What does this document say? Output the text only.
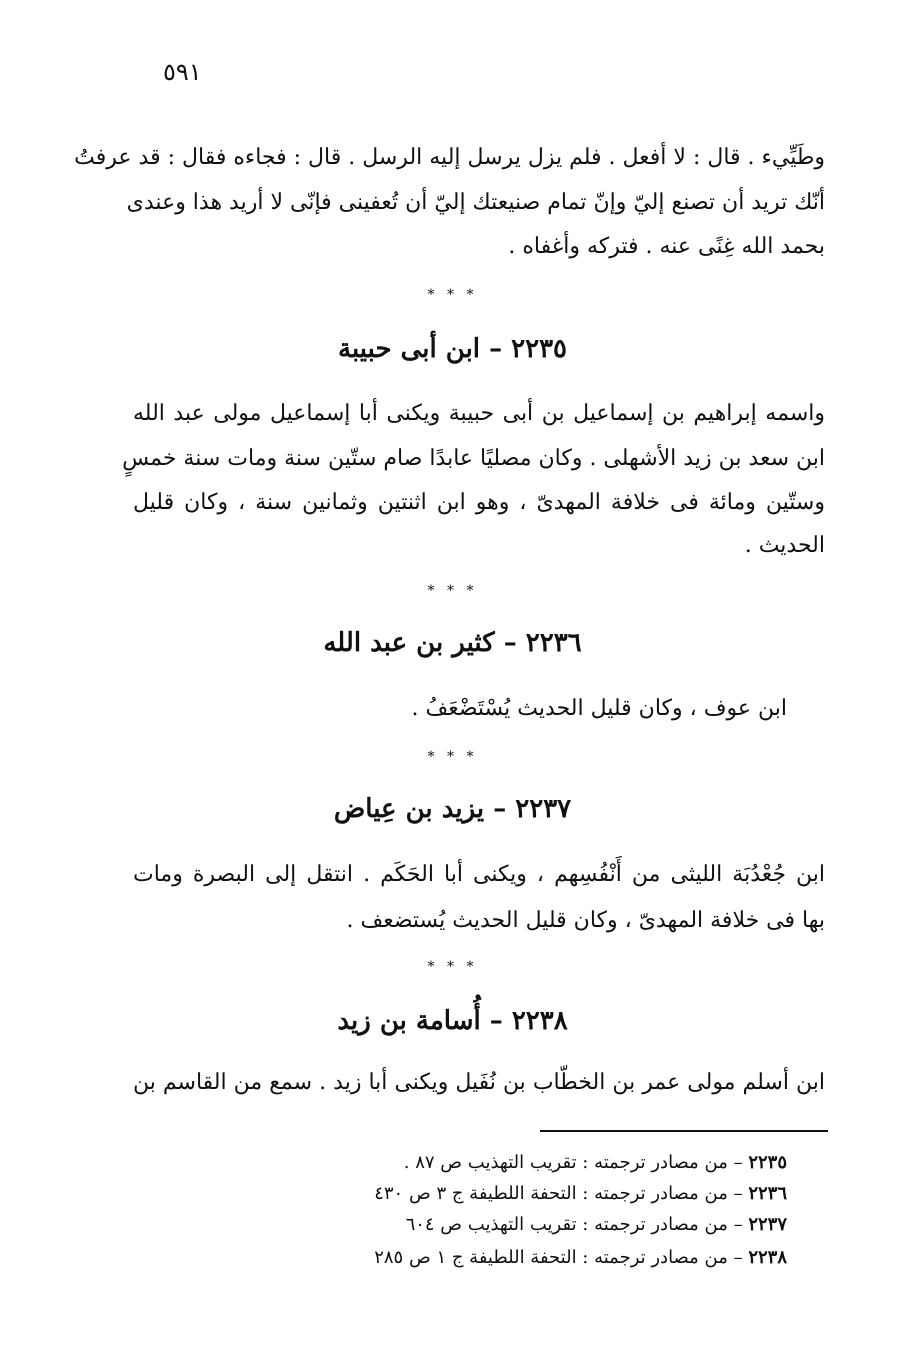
٥٩١
وطَيِّيء . قال : لا أفعل . فلم يزل يرسل إليه الرسل . قال : فجاءه فقال : قد عرفتُ
أنّك تريد أن تصنع إليّ وإنّ تمام صنيعتك إليّ أن تُعفينى فإنّى لا أريد هذا وعندى
بحمد الله غِنًى عنه . فتركه وأغفاه .
* * *
٢٢٣٥ – ابن أبى حبيبة
واسمه إبراهيم بن إسماعيل بن أبى حبيبة ويكنى أبا إسماعيل مولى عبد الله
ابن سعد بن زيد الأشهلى . وكان مصليًا عابدًا صام ستّين سنة ومات سنة خمسٍ
وستّين ومائة فى خلافة المهدىّ ، وهو ابن اثنتين وثمانين سنة ، وكان قليل
الحديث .
* * *
٢٢٣٦ – كثير بن عبد الله
ابن عوف ، وكان قليل الحديث يُسْتَضْعَفُ .
* * *
٢٢٣٧ – يزيد بن عِياض
ابن جُعْدُبَة الليثى من أَنْفُسِهم ، ويكنى أبا الحَكَم . انتقل إلى البصرة ومات
بها فى خلافة المهدىّ ، وكان قليل الحديث يُستضعف .
* * *
٢٢٣٨ – أُسامة بن زيد
ابن أسلم مولى عمر بن الخطّاب بن نُفَيل ويكنى أبا زيد . سمع من القاسم بن
٢٢٣٥ – من مصادر ترجمته : تقريب التهذيب ص ٨٧ .
٢٢٣٦ – من مصادر ترجمته : التحفة اللطيفة ج ٣ ص ٤٣٠
٢٢٣٧ – من مصادر ترجمته : تقريب التهذيب ص ٦٠٤
٢٢٣٨ – من مصادر ترجمته : التحفة اللطيفة ج ١ ص ٢٨٥
